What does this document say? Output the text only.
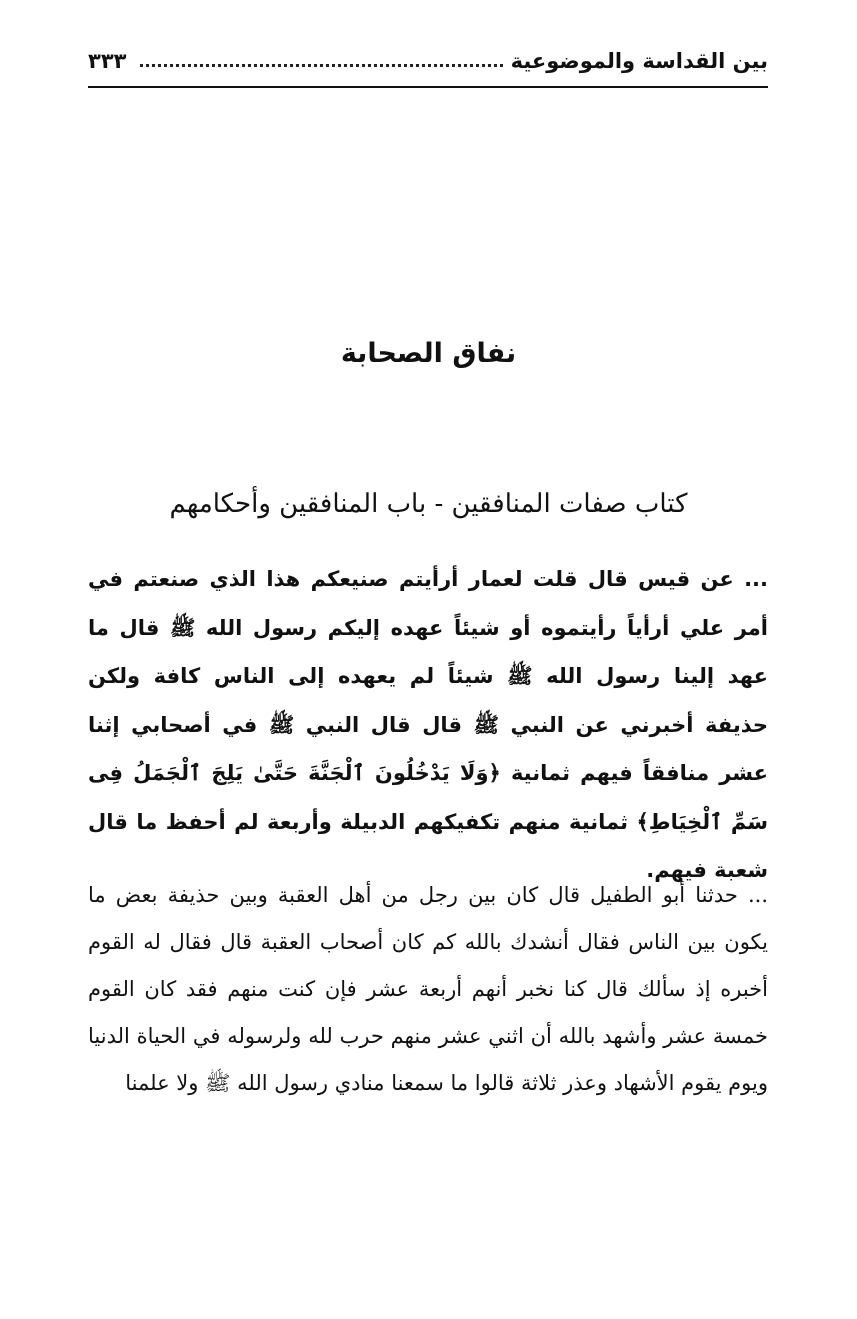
بين القداسة والموضوعية
٣٣٣
نفاق الصحابة
كتاب صفات المنافقين - باب المنافقين وأحكامهم

... عن قيس قال قلت لعمار أرأيتم صنيعكم هذا الذي صنعتم في أمر علي أرأياً رأيتموه أو شيئاً عهده إليكم رسول الله ﷺ قال ما عهد إلينا رسول الله ﷺ شيئاً لم يعهده إلى الناس كافة ولكن حذيفة أخبرني عن النبي ﷺ قال قال النبي ﷺ في أصحابي إثنا عشر منافقاً فيهم ثمانية ﴿وَلَا يَدْخُلُونَ ٱلْجَنَّةَ حَتَّىٰ يَلِجَ ٱلْجَمَلُ فِى سَمِّ ٱلْخِيَاطِ﴾ ثمانية منهم تكفيكهم الدبيلة وأربعة لم أحفظ ما قال شعبة فيهم.

... حدثنا أبو الطفيل قال كان بين رجل من أهل العقبة وبين حذيفة بعض ما يكون بين الناس فقال أنشدك بالله كم كان أصحاب العقبة قال فقال له القوم أخبره إذ سألك قال كنا نخبر أنهم أربعة عشر فإن كنت منهم فقد كان القوم خمسة عشر وأشهد بالله أن اثني عشر منهم حرب لله ولرسوله في الحياة الدنيا ويوم يقوم الأشهاد وعذر ثلاثة قالوا ما سمعنا منادي رسول الله ﷺ ولا علمنا
